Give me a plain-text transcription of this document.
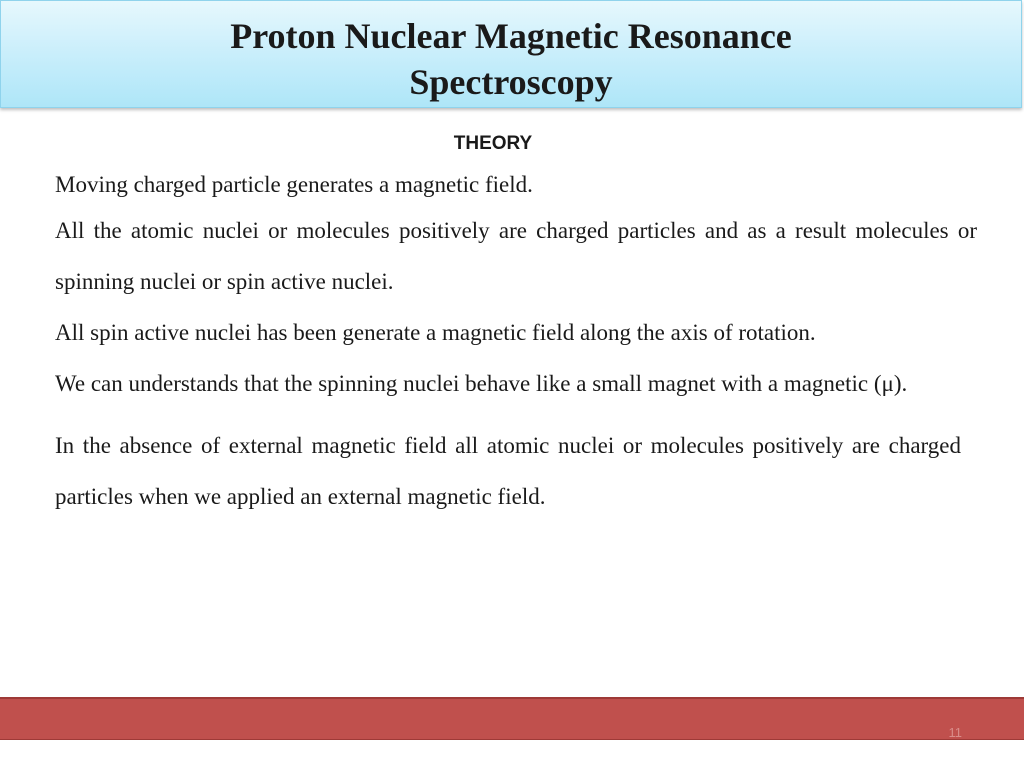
Proton Nuclear Magnetic Resonance
Spectroscopy
THEORY

Moving charged particle generates a magnetic field.

All the atomic nuclei or molecules positively are charged particles and as a result molecules or spinning nuclei or spin active nuclei.

All spin active nuclei has been generate a magnetic field along the axis of rotation.

We can understands that the spinning nuclei behave like a small magnet with a magnetic (μ).

In the absence of external magnetic field all atomic nuclei or molecules positively are charged particles when we applied an external magnetic field.

11
